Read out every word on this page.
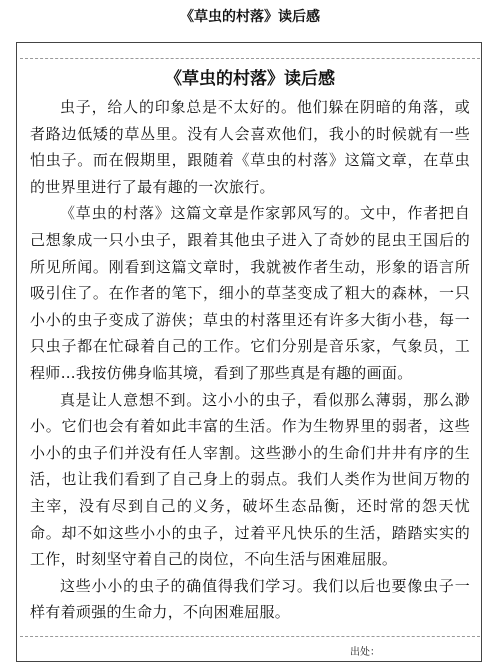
《草虫的村落》读后感
《草虫的村落》读后感

虫子，给人的印象总是不太好的。他们躲在阴暗的角落，或者路边低矮的草丛里。没有人会喜欢他们，我小的时候就有一些怕虫子。而在假期里，跟随着《草虫的村落》这篇文章，在草虫的世界里进行了最有趣的一次旅行。

《草虫的村落》这篇文章是作家郭风写的。文中，作者把自己想象成一只小虫子，跟着其他虫子进入了奇妙的昆虫王国后的所见所闻。刚看到这篇文章时，我就被作者生动，形象的语言所吸引住了。在作者的笔下，细小的草茎变成了粗大的森林，一只小小的虫子变成了游侠；草虫的村落里还有许多大街小巷，每一只虫子都在忙碌着自己的工作。它们分别是音乐家，气象员，工程师…我按仿佛身临其境，看到了那些真是有趣的画面。

真是让人意想不到。这小小的虫子，看似那么薄弱，那么渺小。它们也会有着如此丰富的生活。作为生物界里的弱者，这些小小的虫子们并没有任人宰割。这些渺小的生命们井井有序的生活，也让我们看到了自己身上的弱点。我们人类作为世间万物的主宰，没有尽到自己的义务，破坏生态品衡，还时常的怨天忧命。却不如这些小小的虫子，过着平凡快乐的生活，踏踏实实的工作，时刻坚守着自己的岗位，不向生活与困难屈服。

这些小小的虫子的确值得我们学习。我们以后也要像虫子一样有着顽强的生命力，不向困难屈服。

出处：
